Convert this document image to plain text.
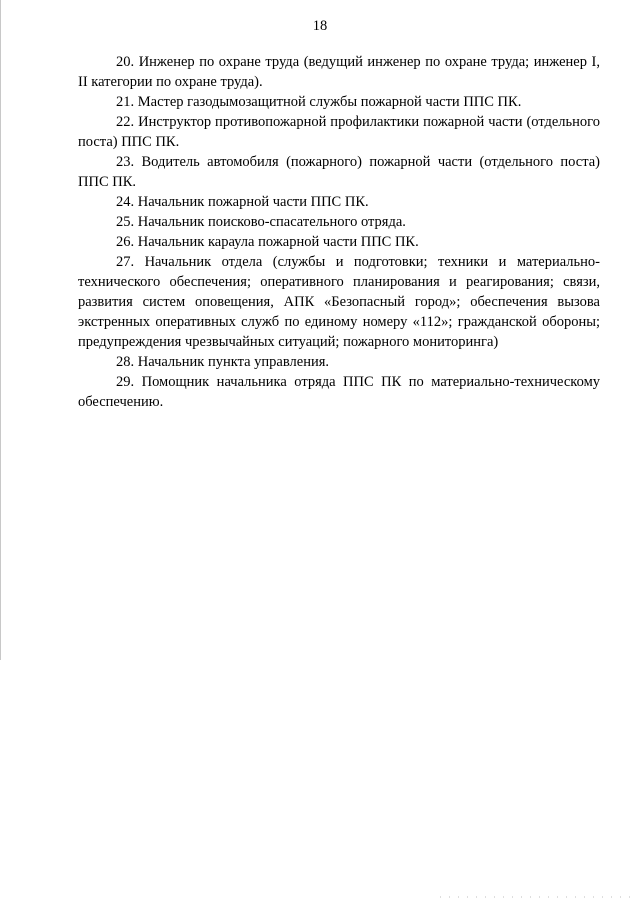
18

20. Инженер по охране труда (ведущий инженер по охране труда; инженер I, II категории по охране труда).

21. Мастер газодымозащитной службы пожарной части ППС ПК.

22. Инструктор противопожарной профилактики пожарной части (отдельного поста) ППС ПК.

23. Водитель автомобиля (пожарного) пожарной части (отдельного поста) ППС ПК.

24. Начальник пожарной части ППС ПК.

25. Начальник поисково-спасательного отряда.

26. Начальник караула пожарной части ППС ПК.

27. Начальник отдела (службы и подготовки; техники и материально-технического обеспечения; оперативного планирования и реагирования; связи, развития систем оповещения, АПК «Безопасный город»; обеспечения вызова экстренных оперативных служб по единому номеру «112»; гражданской обороны; предупреждения чрезвычайных ситуаций; пожарного мониторинга)

28. Начальник пункта управления.

29. Помощник начальника отряда ППС ПК по материально-техническому обеспечению.
